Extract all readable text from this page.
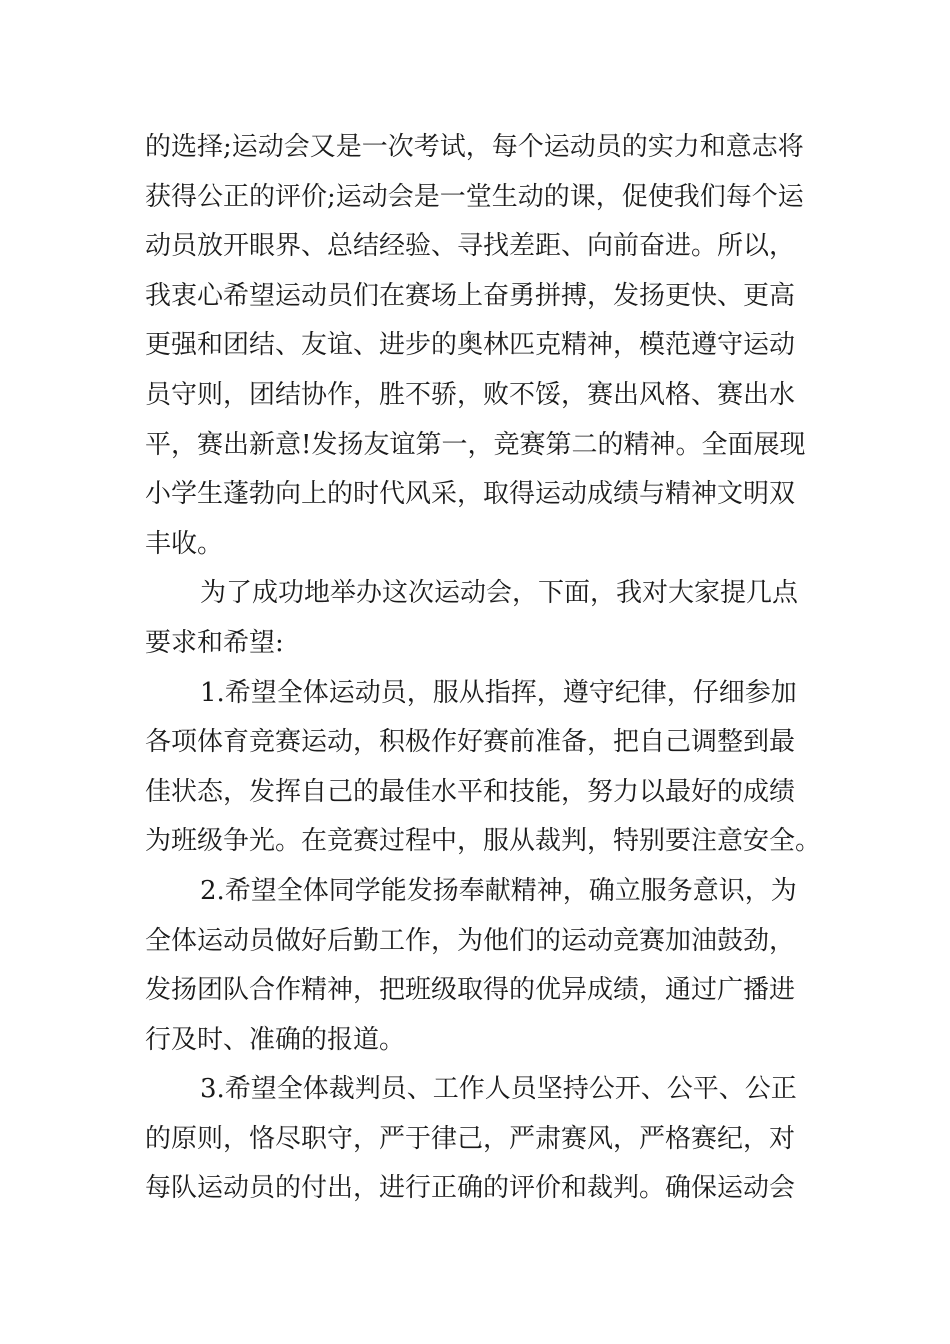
的选择;运动会又是一次考试，每个运动员的实力和意志将
获得公正的评价;运动会是一堂生动的课，促使我们每个运
动员放开眼界、总结经验、寻找差距、向前奋进。所以，
我衷心希望运动员们在赛场上奋勇拼搏，发扬更快、更高
更强和团结、友谊、进步的奥林匹克精神，模范遵守运动
员守则，团结协作，胜不骄，败不馁，赛出风格、赛出水
平，赛出新意!发扬友谊第一，竞赛第二的精神。全面展现
小学生蓬勃向上的时代风采，取得运动成绩与精神文明双
丰收。
为了成功地举办这次运动会，下面，我对大家提几点
要求和希望:
1.希望全体运动员，服从指挥，遵守纪律，仔细参加
各项体育竞赛运动，积极作好赛前准备，把自己调整到最
佳状态，发挥自己的最佳水平和技能，努力以最好的成绩
为班级争光。在竞赛过程中，服从裁判，特别要注意安全。
2.希望全体同学能发扬奉献精神，确立服务意识，为
全体运动员做好后勤工作，为他们的运动竞赛加油鼓劲，
发扬团队合作精神，把班级取得的优异成绩，通过广播进
行及时、准确的报道。
3.希望全体裁判员、工作人员坚持公开、公平、公正
的原则，恪尽职守，严于律己，严肃赛风，严格赛纪，对
每队运动员的付出，进行正确的评价和裁判。确保运动会
